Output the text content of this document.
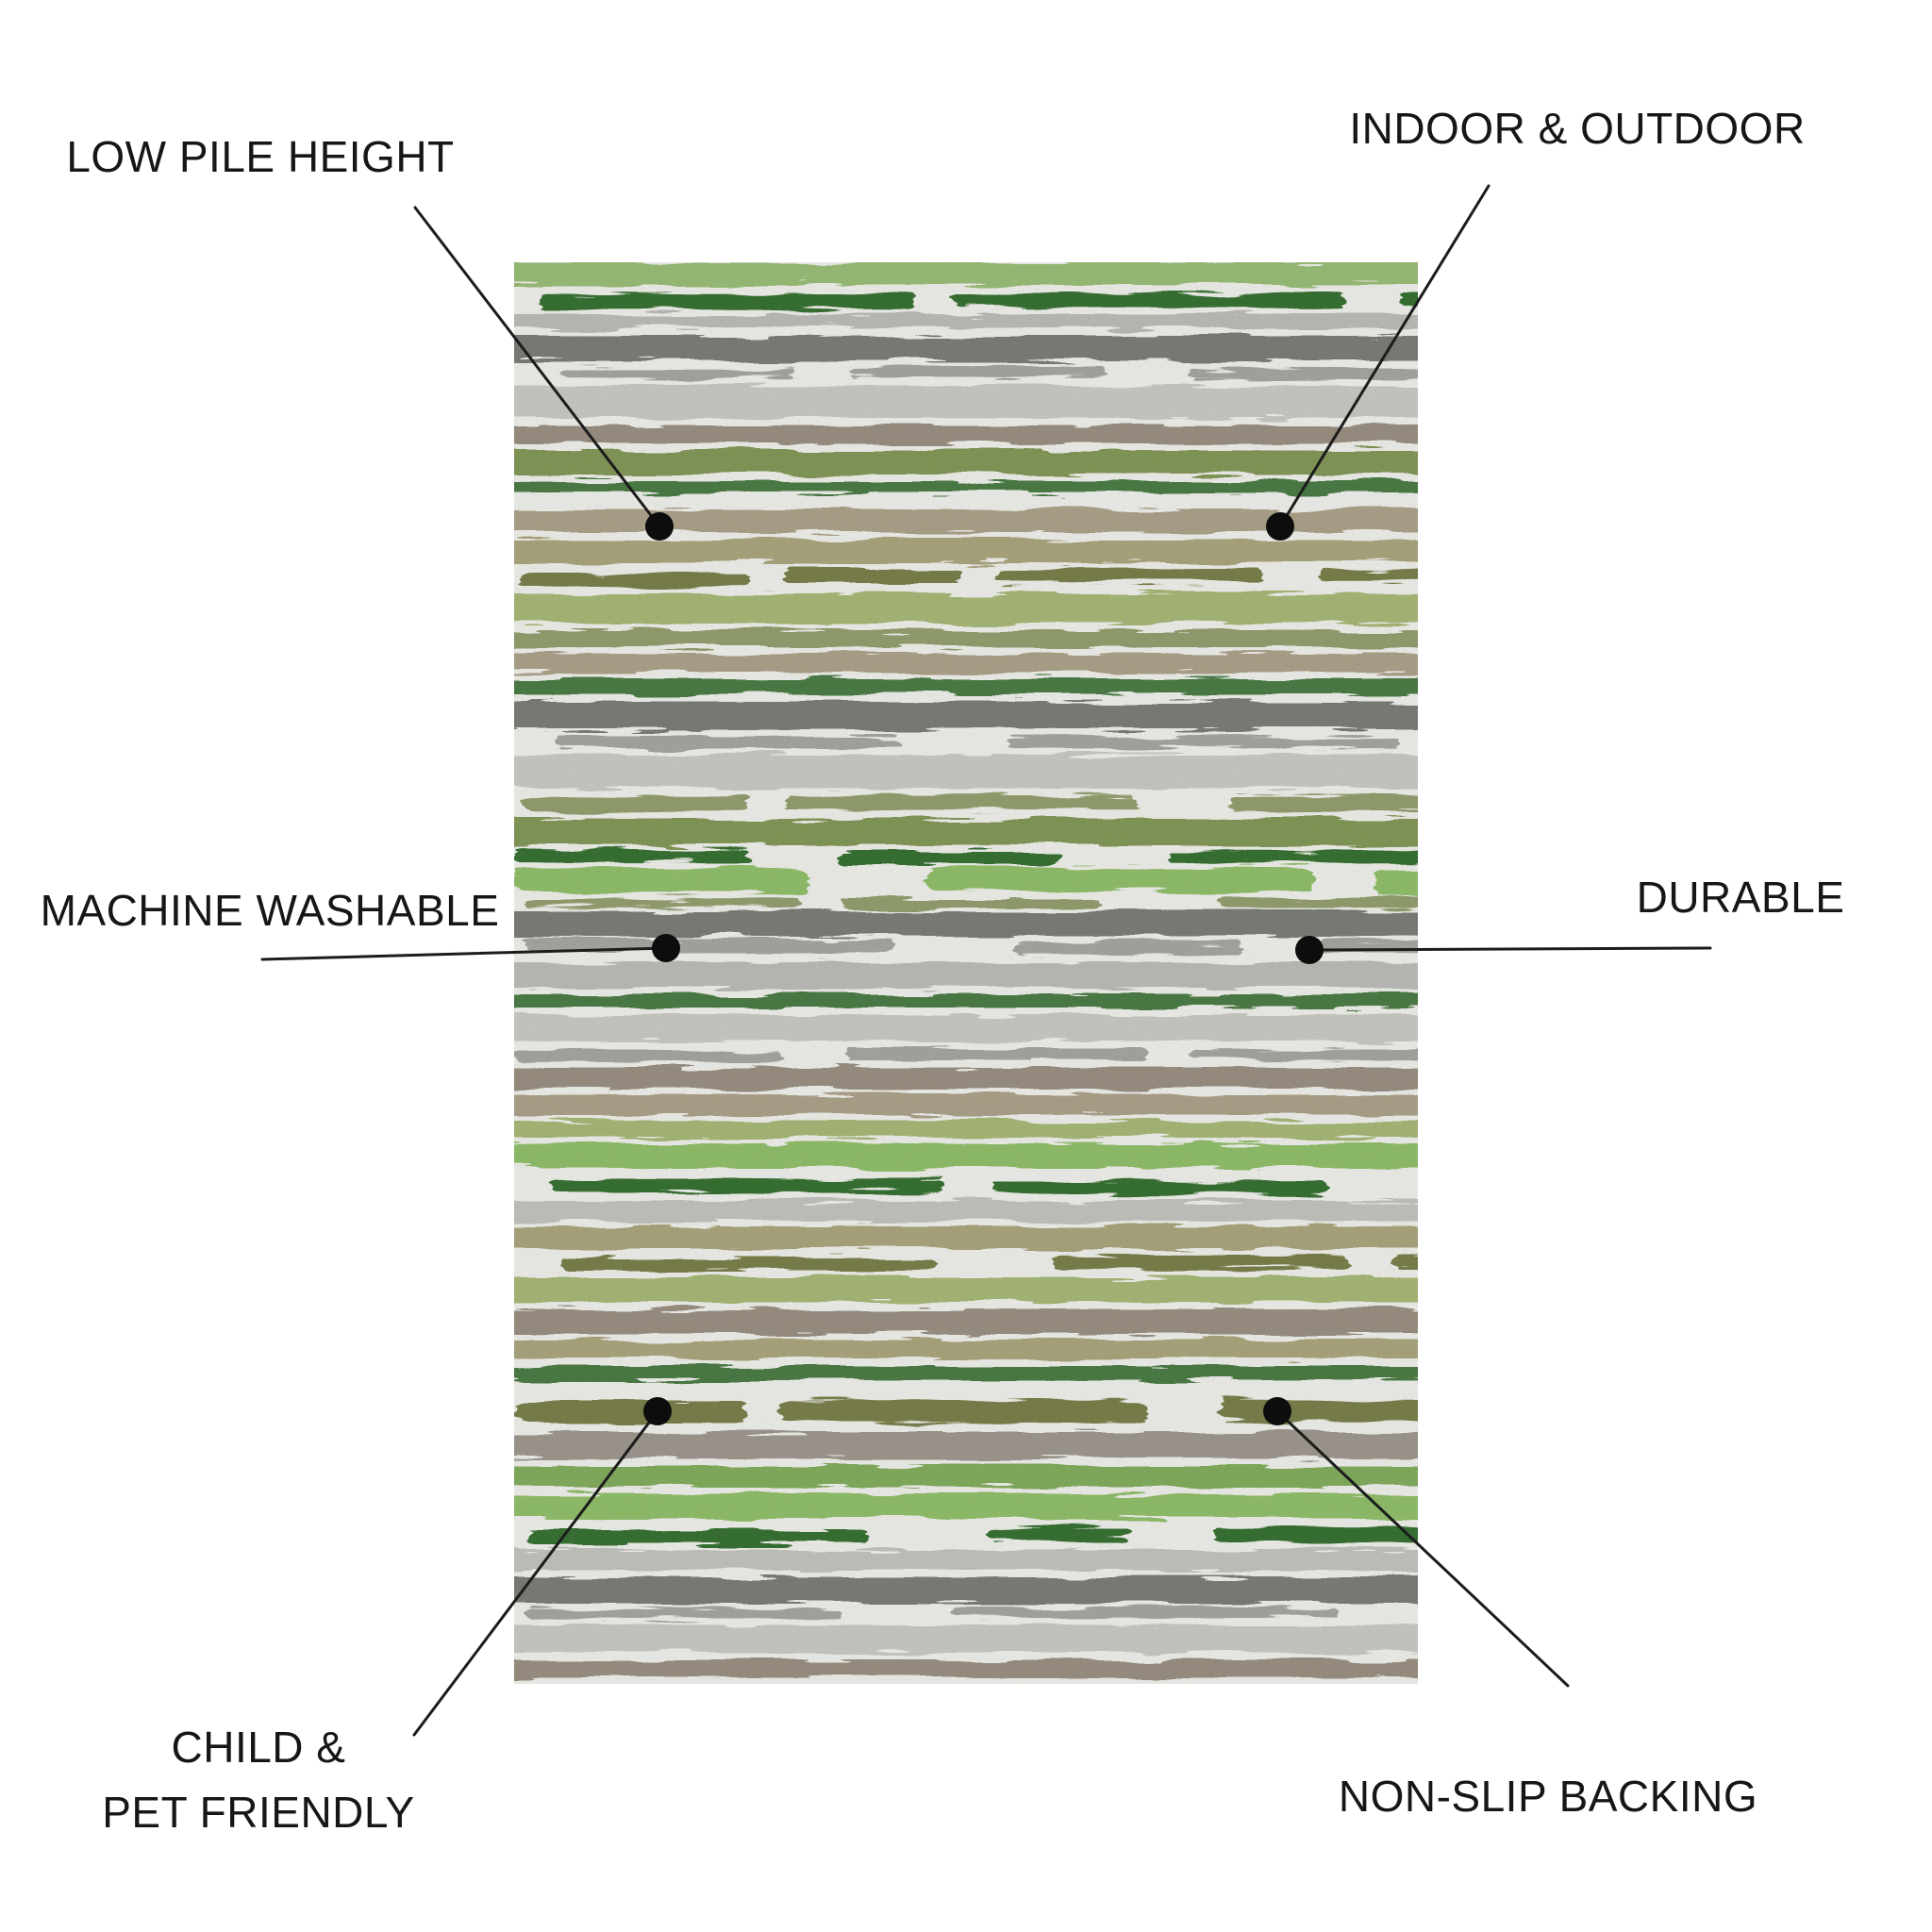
LOW PILE HEIGHT
INDOOR & OUTDOOR
MACHINE WASHABLE	DURABLE
CHILD &
PET FRIENDLY	NON-SLIP BACKING
